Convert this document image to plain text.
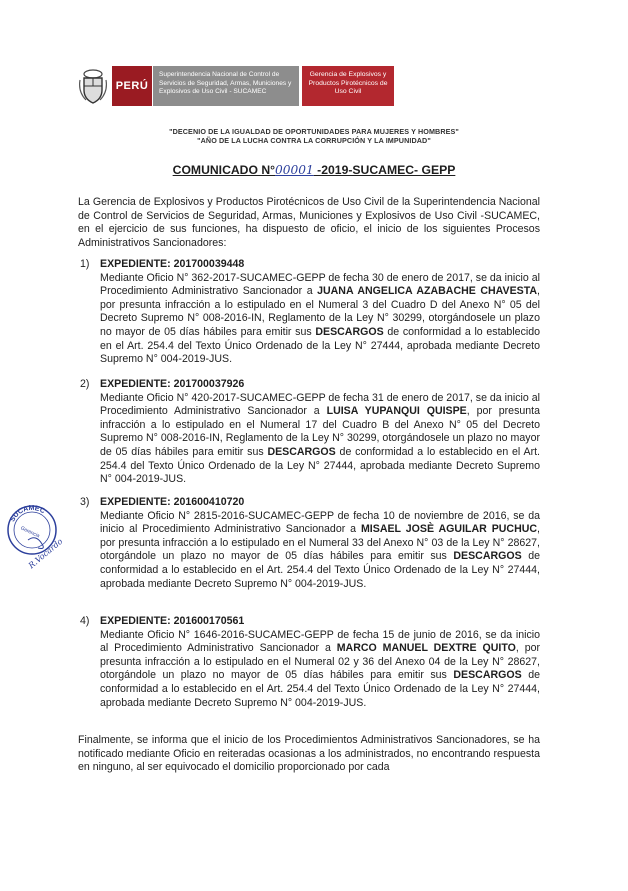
PERÚ
Superintendencia Nacional de Control de Servicios de Seguridad, Armas, Municiones y Explosivos de Uso Civil - SUCAMEC
Gerencia de Explosivos y Productos Pirotécnicos de Uso Civil
"DECENIO DE LA IGUALDAD DE OPORTUNIDADES PARA MUJERES Y HOMBRES"
"AÑO DE LA LUCHA CONTRA LA CORRUPCIÓN Y LA IMPUNIDAD"
COMUNICADO N°00001 -2019-SUCAMEC- GEPP
La Gerencia de Explosivos y Productos Pirotécnicos de Uso Civil de la Superintendencia Nacional de Control de Servicios de Seguridad, Armas, Municiones y Explosivos de Uso Civil -SUCAMEC, en el ejercicio de sus funciones, ha dispuesto de oficio, el inicio de los siguientes Procesos Administrativos Sancionadores:
1) EXPEDIENTE: 201700039448
Mediante Oficio N° 362-2017-SUCAMEC-GEPP de fecha 30 de enero de 2017, se da inicio al Procedimiento Administrativo Sancionador a JUANA ANGELICA AZABACHE CHAVESTA, por presunta infracción a lo estipulado en el Numeral 3 del Cuadro D del Anexo N° 05 del Decreto Supremo N° 008-2016-IN, Reglamento de la Ley N° 30299, otorgándosele un plazo no mayor de 05 días hábiles para emitir sus DESCARGOS de conformidad a lo establecido en el Art. 254.4 del Texto Único Ordenado de la Ley N° 27444, aprobada mediante Decreto Supremo N° 004-2019-JUS.
2) EXPEDIENTE: 201700037926
Mediante Oficio N° 420-2017-SUCAMEC-GEPP de fecha 31 de enero de 2017, se da inicio al Procedimiento Administrativo Sancionador a LUISA YUPANQUI QUISPE, por presunta infracción a lo estipulado en el Numeral 17 del Cuadro B del Anexo N° 05 del Decreto Supremo N° 008-2016-IN, Reglamento de la Ley N° 30299, otorgándosele un plazo no mayor de 05 días hábiles para emitir sus DESCARGOS de conformidad a lo establecido en el Art. 254.4 del Texto Único Ordenado de la Ley N° 27444, aprobada mediante Decreto Supremo N° 004-2019-JUS.
3) EXPEDIENTE: 201600410720
Mediante Oficio N° 2815-2016-SUCAMEC-GEPP de fecha 10 de noviembre de 2016, se da inicio al Procedimiento Administrativo Sancionador a MISAEL JOSÈ AGUILAR PUCHUC, por presunta infracción a lo estipulado en el Numeral 33 del Anexo N° 03 de la Ley N° 28627, otorgándole un plazo no mayor de 05 días hábiles para emitir sus DESCARGOS de conformidad a lo establecido en el Art. 254.4 del Texto Único Ordenado de la Ley N° 27444, aprobada mediante Decreto Supremo N° 004-2019-JUS.
4) EXPEDIENTE: 201600170561
Mediante Oficio N° 1646-2016-SUCAMEC-GEPP de fecha 15 de junio de 2016, se da inicio al Procedimiento Administrativo Sancionador a MARCO MANUEL DEXTRE QUITO, por presunta infracción a lo estipulado en el Numeral 02 y 36 del Anexo 04 de la Ley N° 28627, otorgándole un plazo no mayor de 05 días hábiles para emitir sus DESCARGOS de conformidad a lo establecido en el Art. 254.4 del Texto Único Ordenado de la Ley N° 27444, aprobada mediante Decreto Supremo N° 004-2019-JUS.
Finalmente, se informa que el inicio de los Procedimientos Administrativos Sancionadores, se ha notificado mediante Oficio en reiteradas ocasionas a los administrados, no encontrando respuesta en ninguno, al ser equivocado el domicilio proporcionado por cada
SUCAMEC
Gerencia
R.Vocardo
